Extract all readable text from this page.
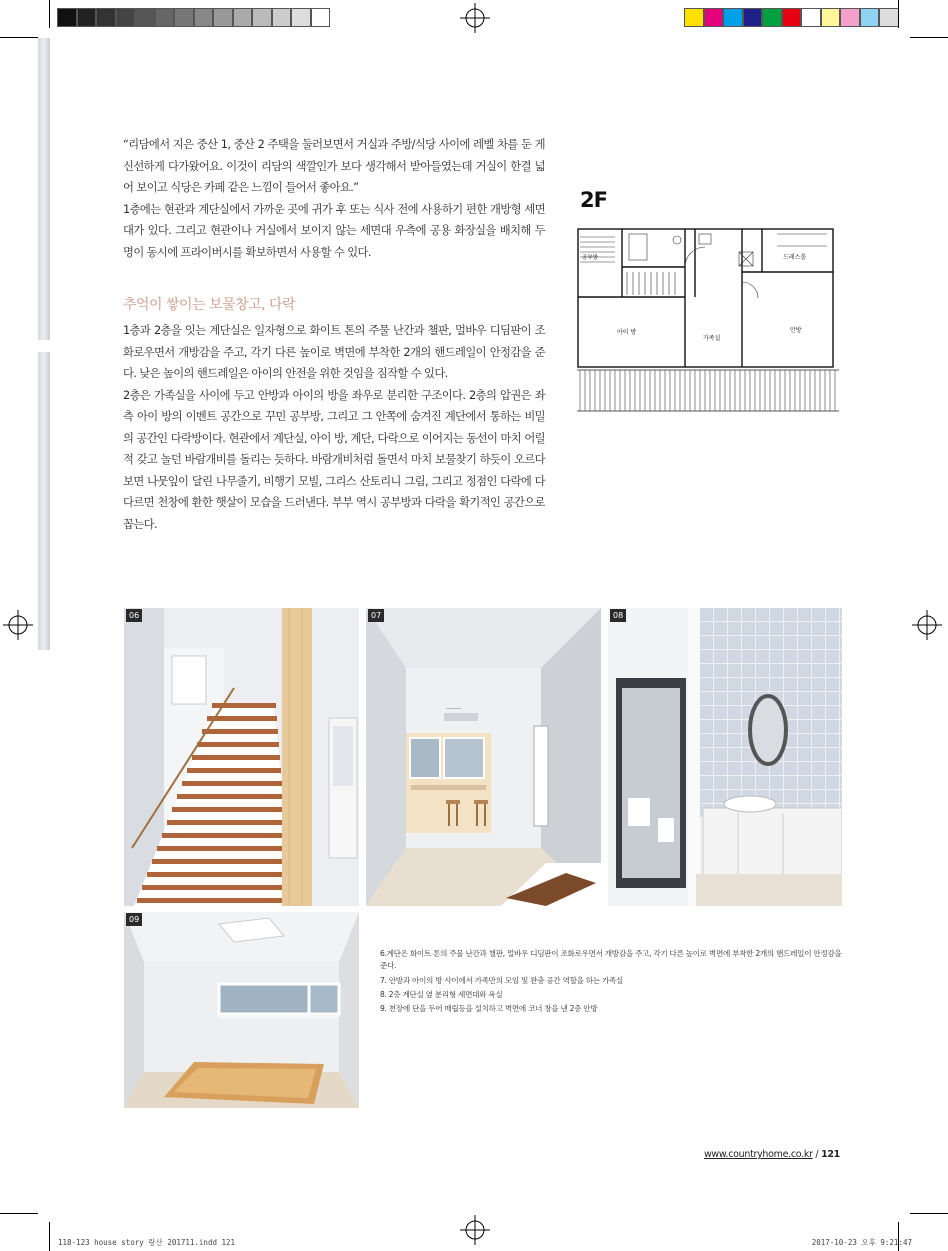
“리담에서 지은 중산 1, 중산 2 주택을 둘러보면서 거실과 주방/식당 사이에 레벨 차를 둔 게 신선하게 다가왔어요. 이것이 리담의 색깔인가 보다 생각해서 받아들였는데 거실이 한결 넓어 보이고 식당은 카페 같은 느낌이 들어서 좋아요.”

1층에는 현관과 계단실에서 가까운 곳에 귀가 후 또는 식사 전에 사용하기 편한 개방형 세면대가 있다. 그리고 현관이나 거실에서 보이지 않는 세면대 우측에 공용 화장실을 배치해 두 명이 동시에 프라이버시를 확보하면서 사용할 수 있다.

추억이 쌓이는 보물창고, 다락

1층과 2층을 잇는 계단실은 일자형으로 화이트 톤의 주물 난간과 챌판, 멀바우 디딤판이 조화로우면서 개방감을 주고, 각기 다른 높이로 벽면에 부착한 2개의 핸드레일이 안정감을 준다. 낮은 높이의 핸드레일은 아이의 안전을 위한 것임을 짐작할 수 있다.

2층은 가족실을 사이에 두고 안방과 아이의 방을 좌우로 분리한 구조이다. 2층의 압권은 좌측 아이 방의 이벤트 공간으로 꾸민 공부방, 그리고 그 안쪽에 숨겨진 계단에서 통하는 비밀의 공간인 다락방이다. 현관에서 계단실, 아이 방, 계단, 다락으로 이어지는 동선이 마치 어릴 적 갖고 놀던 바람개비를 돌리는 듯하다. 바람개비처럼 돌면서 마치 보물찾기 하듯이 오르다 보면 나뭇잎이 달린 나무줄기, 비행기 모빌, 그리스 산토리니 그림, 그리고 정점인 다락에 다다르면 천창에 환한 햇살이 모습을 드러낸다. 부부 역시 공부방과 다락을 확기적인 공간으로 꼽는다.

2F
공부방	드레스룸
아이 방
가족실
안방
06	07	08
09

6.계단은 화이트 톤의 주물 난간과 챌판, 멀바우 디딤판이 조화로우면서 개방감을 주고, 각기 다른 높이로 벽면에 부착한 2개의 핸드레일이 안정감을 준다.

7. 안방과 아이의 방 사이에서 가족만의 모임 및 완충 공간 역할을 하는 가족실

8. 2층 계단실 옆 분리형 세면대와 욕실

9. 천장에 단을 두어 매립등을 설치하고 벽면에 코너 창을 낸 2층 안방

www.countryhome.co.kr / 121
118-123 house story 랑산 201711.indd 121	2017-10-23 오후 9:21:47
